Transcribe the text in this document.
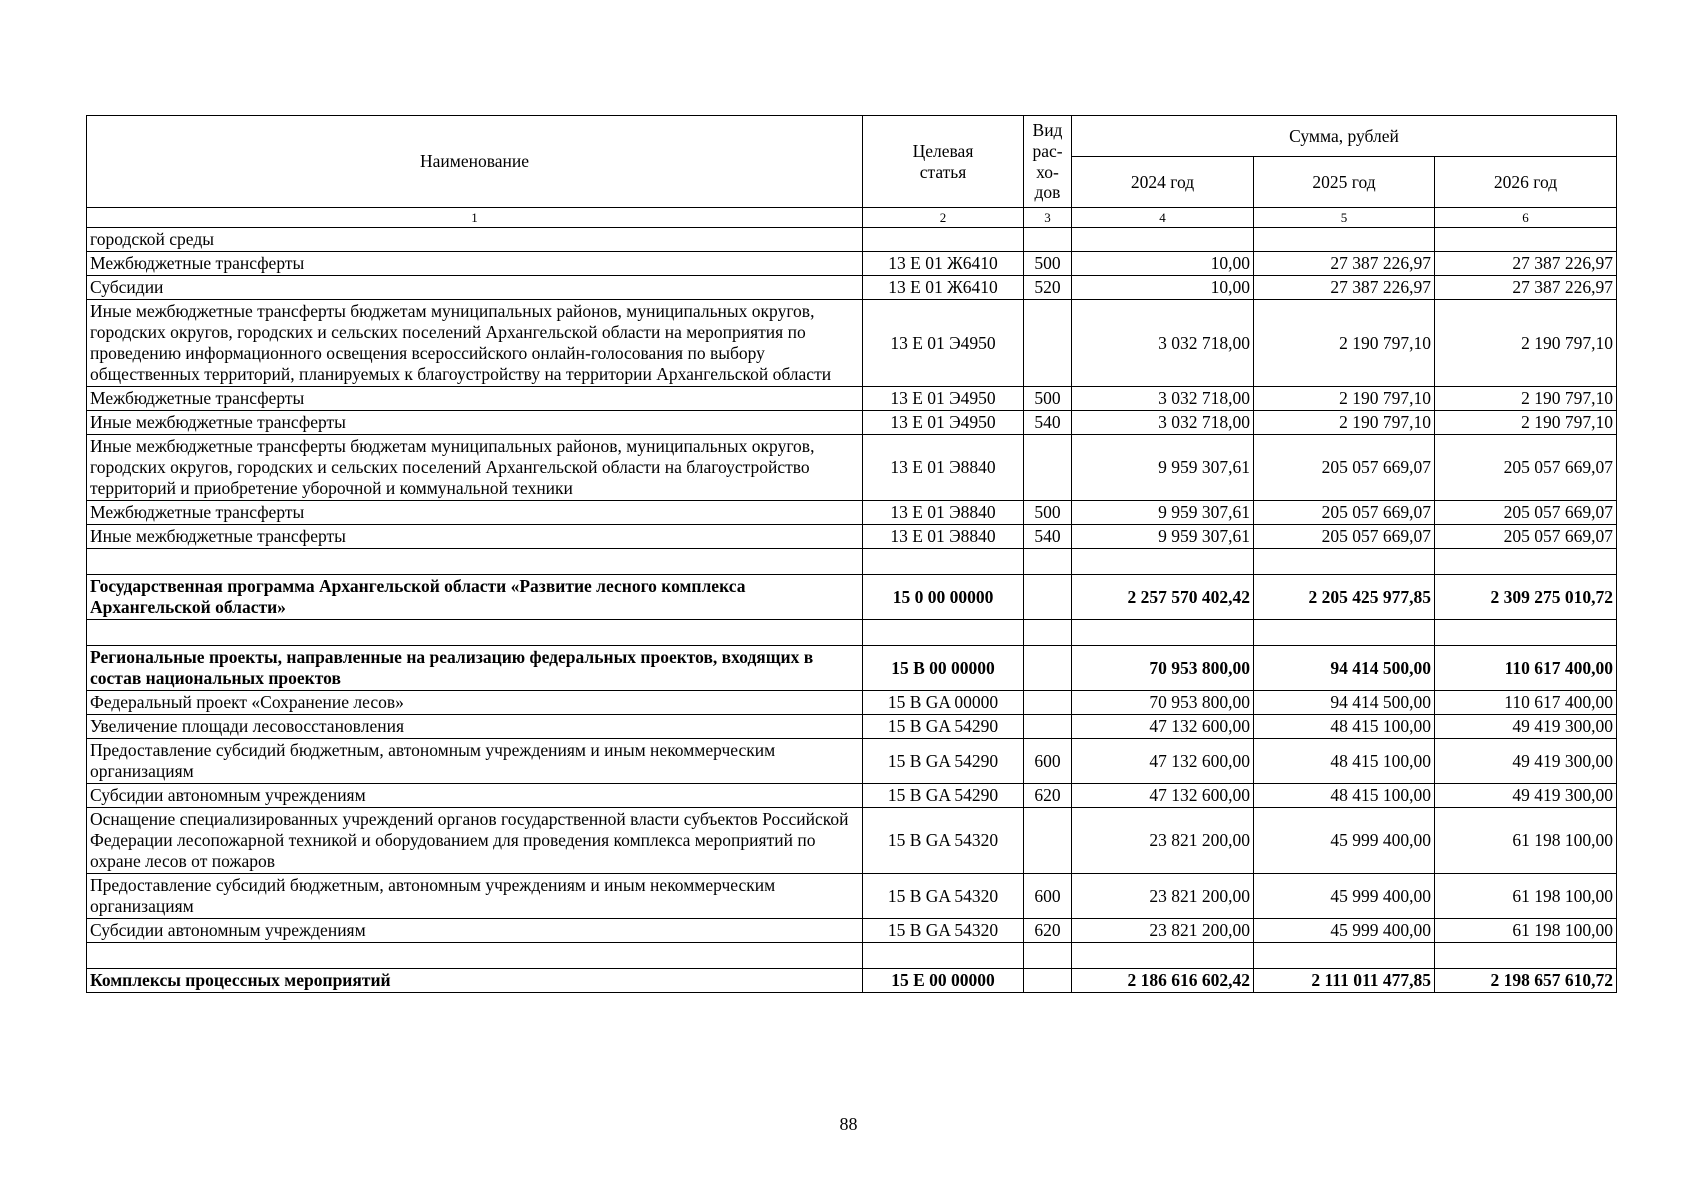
Наименование	Целевая статья	Вид
рас-
хо-
дов	Сумма, рублей		
			2024 год	2025 год	2026 год
1	2	3	4	5	6
городской среды					
Межбюджетные трансферты	13 Е 01 Ж6410	500	10,00	27 387 226,97	27 387 226,97
Субсидии	13 Е 01 Ж6410	520	10,00	27 387 226,97	27 387 226,97
Иные межбюджетные трансферты бюджетам муниципальных районов, муниципальных округов, городских округов, городских и сельских поселений Архангельской области на мероприятия по проведению информационного освещения всероссийского онлайн-голосования по выбору общественных территорий, планируемых к благоустройству на территории Архангельской области	13 Е 01 Э4950		3 032 718,00	2 190 797,10	2 190 797,10
Межбюджетные трансферты	13 Е 01 Э4950	500	3 032 718,00	2 190 797,10	2 190 797,10
Иные межбюджетные трансферты	13 Е 01 Э4950	540	3 032 718,00	2 190 797,10	2 190 797,10
Иные межбюджетные трансферты бюджетам муниципальных районов, муниципальных округов, городских округов, городских и сельских поселений Архангельской области на благоустройство территорий и приобретение уборочной и коммунальной техники	13 Е 01 Э8840		9 959 307,61	205 057 669,07	205 057 669,07
Межбюджетные трансферты	13 Е 01 Э8840	500	9 959 307,61	205 057 669,07	205 057 669,07
Иные межбюджетные трансферты	13 Е 01 Э8840	540	9 959 307,61	205 057 669,07	205 057 669,07

Государственная программа Архангельской области «Развитие лесного комплекса Архангельской области»	15 0 00 00000		2 257 570 402,42	2 205 425 977,85	2 309 275 010,72

Региональные проекты, направленные на реализацию федеральных проектов, входящих в состав национальных проектов	15 В 00 00000		70 953 800,00	94 414 500,00	110 617 400,00
Федеральный проект «Сохранение лесов»	15 В GA 00000		70 953 800,00	94 414 500,00	110 617 400,00
Увеличение площади лесовосстановления	15 В GA 54290		47 132 600,00	48 415 100,00	49 419 300,00
Предоставление субсидий бюджетным, автономным учреждениям и иным некоммерческим организациям	15 В GA 54290	600	47 132 600,00	48 415 100,00	49 419 300,00
Субсидии автономным учреждениям	15 В GA 54290	620	47 132 600,00	48 415 100,00	49 419 300,00
Оснащение специализированных учреждений органов государственной власти субъектов Российской Федерации лесопожарной техникой и оборудованием для проведения комплекса мероприятий по охране лесов от пожаров	15 В GA 54320		23 821 200,00	45 999 400,00	61 198 100,00
Предоставление субсидий бюджетным, автономным учреждениям и иным некоммерческим организациям	15 В GA 54320	600	23 821 200,00	45 999 400,00	61 198 100,00
Субсидии автономным учреждениям	15 В GA 54320	620	23 821 200,00	45 999 400,00	61 198 100,00

Комплексы процессных мероприятий	15 Е 00 00000		2 186 616 602,42	2 111 011 477,85	2 198 657 610,72
88
